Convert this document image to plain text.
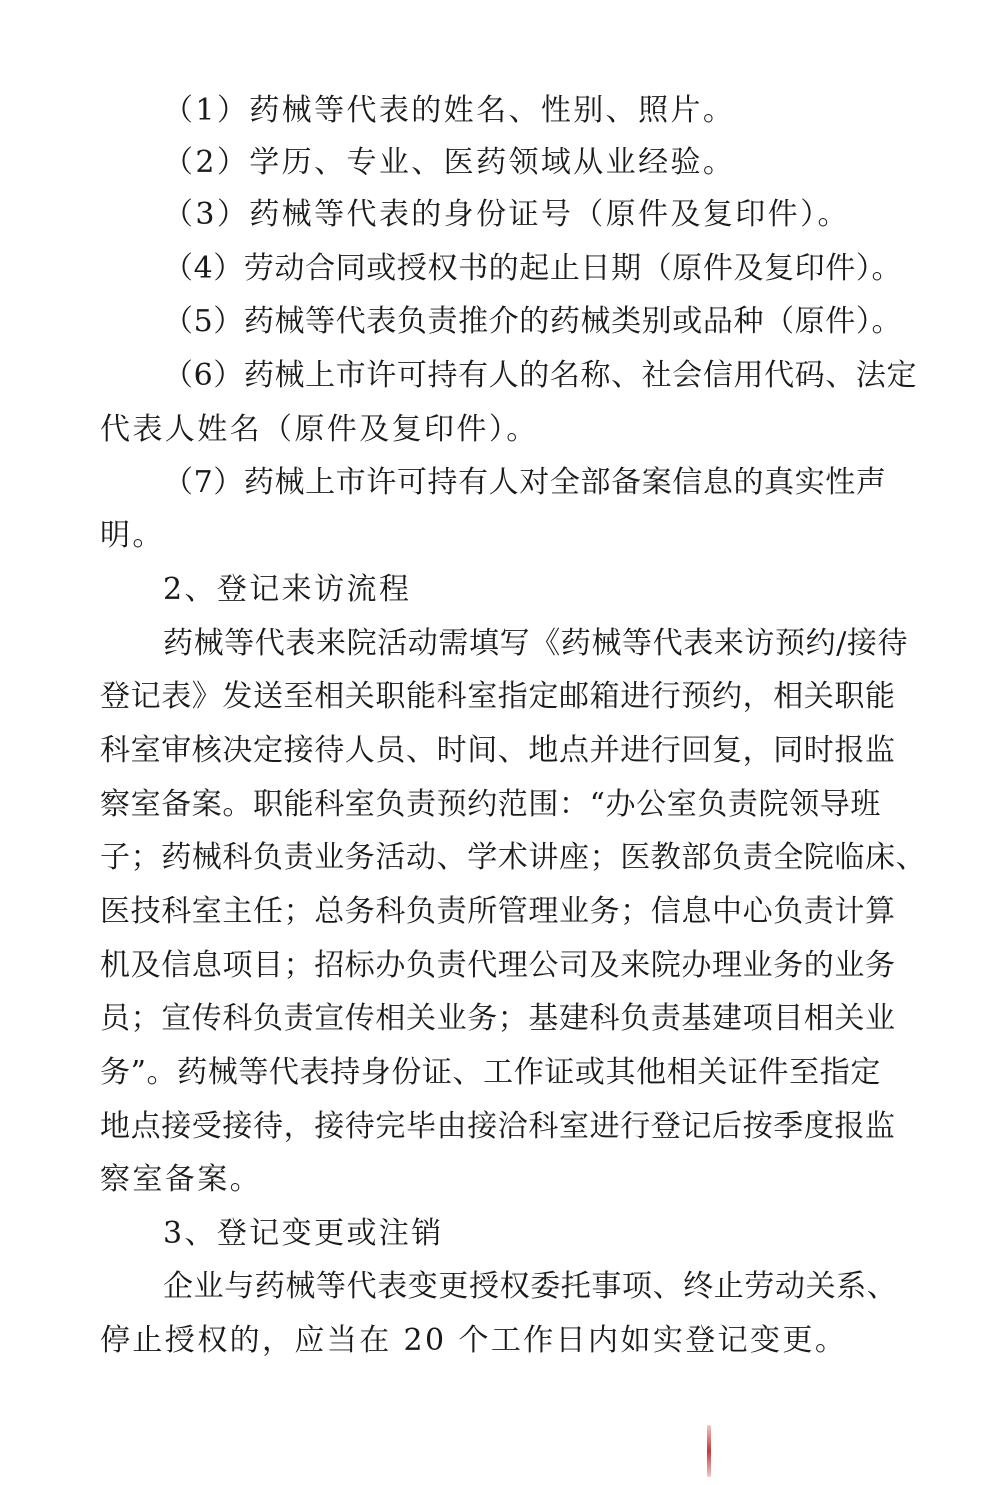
（1）药械等代表的姓名、性别、照片。
（2）学历、专业、医药领域从业经验。
（3）药械等代表的身份证号（原件及复印件）。
（4）劳动合同或授权书的起止日期（原件及复印件）。
（5）药械等代表负责推介的药械类别或品种（原件）。
（6）药械上市许可持有人的名称、社会信用代码、法定
代表人姓名（原件及复印件）。
（7）药械上市许可持有人对全部备案信息的真实性声
明。
2、登记来访流程
药械等代表来院活动需填写《药械等代表来访预约/接待
登记表》发送至相关职能科室指定邮箱进行预约，相关职能
科室审核决定接待人员、时间、地点并进行回复，同时报监
察室备案。职能科室负责预约范围：“办公室负责院领导班
子；药械科负责业务活动、学术讲座；医教部负责全院临床、
医技科室主任；总务科负责所管理业务；信息中心负责计算
机及信息项目；招标办负责代理公司及来院办理业务的业务
员；宣传科负责宣传相关业务；基建科负责基建项目相关业
务”。药械等代表持身份证、工作证或其他相关证件至指定
地点接受接待，接待完毕由接洽科室进行登记后按季度报监
察室备案。
3、登记变更或注销
企业与药械等代表变更授权委托事项、终止劳动关系、
停止授权的，应当在 20 个工作日内如实登记变更。
